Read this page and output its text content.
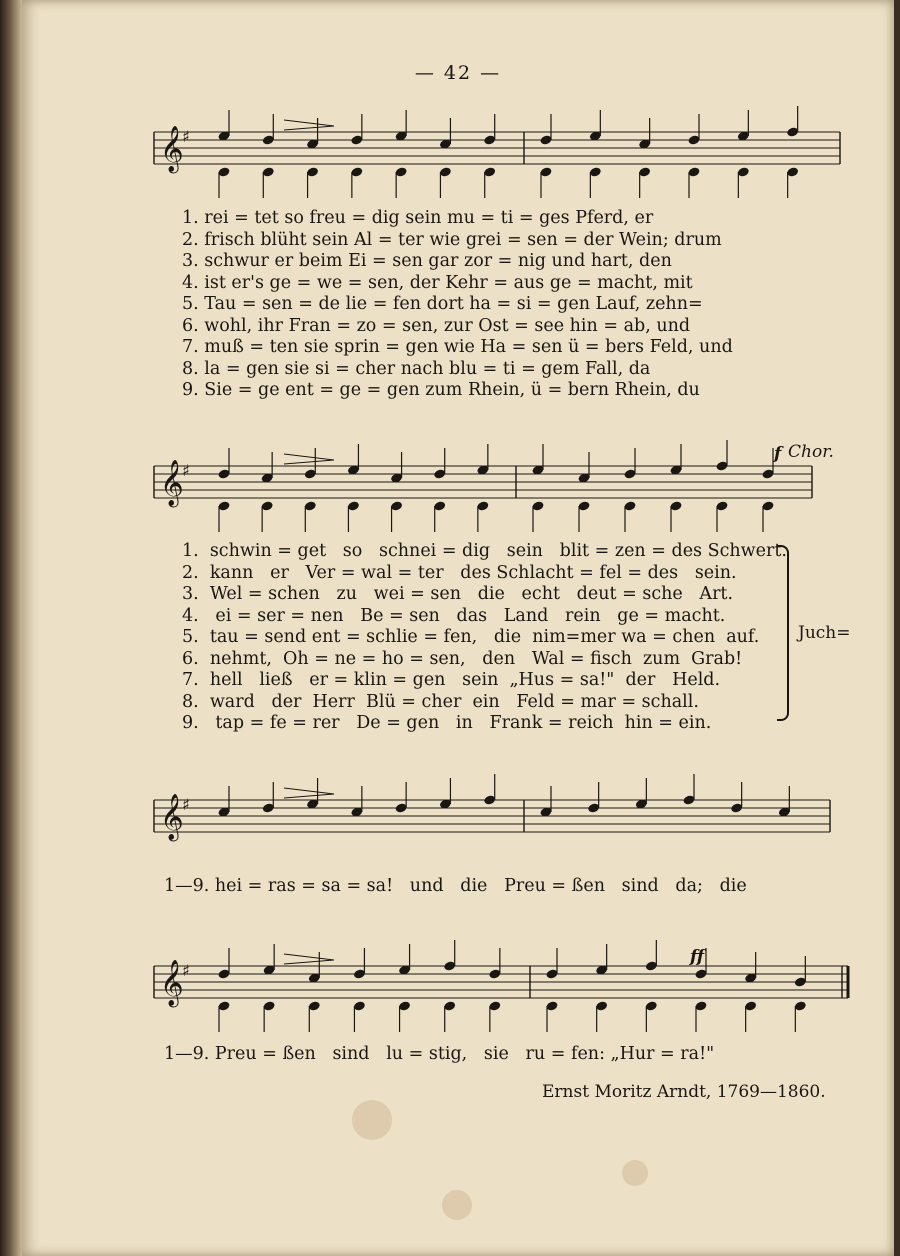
— 42 —
𝄞
♯
𝄞
♯
𝄞
♯
𝄞
♯
1. rei = tet so freu = dig sein mu = ti = ges Pferd, er
2. frisch blüht sein Al = ter wie grei = sen = der Wein; drum
3. schwur er beim Ei = sen gar zor = nig und hart, den
4. ist er's ge = we = sen, der Kehr = aus ge = macht, mit
5. Tau = sen = de lie = fen dort ha = si = gen Lauf, zehn=
6. wohl, ihr Fran = zo = sen, zur Ost = see hin = ab, und
7. muß = ten sie sprin = gen wie Ha = sen ü = bers Feld, und
8. la = gen sie si = cher nach blu = ti = gem Fall, da
9. Sie = ge ent = ge = gen zum Rhein, ü = bern Rhein, du
1.  schwin = get   so   schnei = dig   sein   blit = zen = des Schwert.
2.  kann   er   Ver = wal = ter   des Schlacht = fel = des   sein.
3.  Wel = schen   zu   wei = sen   die   echt   deut = sche   Art.
4.   ei = ser = nen   Be = sen   das   Land   rein   ge = macht.
5.  tau = send ent = schlie = fen,   die  nim=mer wa = chen  auf.
6.  nehmt,  Oh = ne = ho = sen,   den   Wal = fisch  zum  Grab!
7.  hell   ließ   er = klin = gen   sein  „Hus = sa!"  der   Held.
8.  ward   der  Herr  Blü = cher  ein   Feld = mar = schall.
9.   tap = fe = rer   De = gen   in   Frank = reich  hin = ein.
Juch=
f Chor.
1—9. hei = ras = sa = sa!   und   die   Preu = ßen   sind   da;   die
ff
1—9. Preu = ßen   sind   lu = stig,   sie   ru = fen: „Hur = ra!"
Ernst Moritz Arndt, 1769—1860.
